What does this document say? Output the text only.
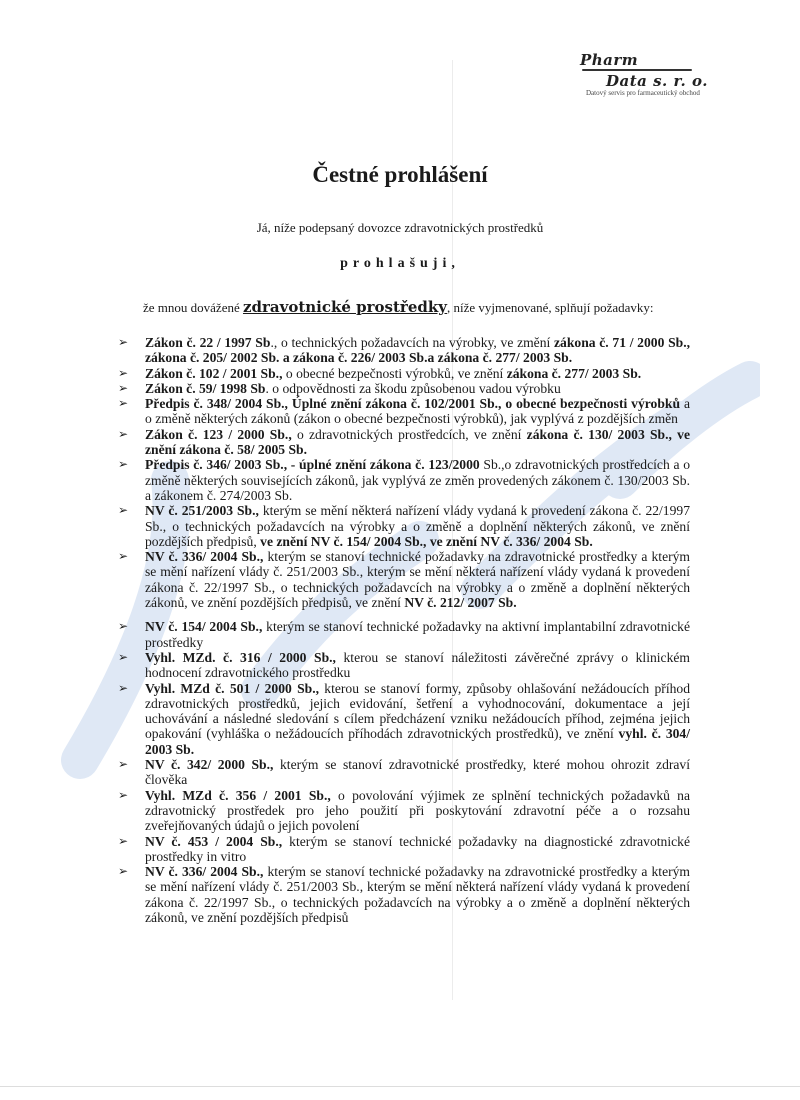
Pharm
Data s. r. o.
Datový servis pro farmaceutický obchod
Čestné prohlášení
Já, níže podepsaný dovozce zdravotnických prostředků
prohlašuji,
že mnou dovážené zdravotnické prostředky, níže vyjmenované, splňují požadavky:
➢ Zákon č. 22 / 1997 Sb., o technických požadavcích na výrobky, ve změní zákona č. 71 / 2000 Sb., zákona č. 205/ 2002 Sb. a zákona č. 226/ 2003 Sb.a zákona č. 277/ 2003 Sb.
➢ Zákon č. 102 / 2001 Sb., o obecné bezpečnosti výrobků, ve znění zákona č. 277/ 2003 Sb.
➢ Zákon č. 59/ 1998 Sb. o odpovědnosti za škodu způsobenou vadou výrobku
➢ Předpis č. 348/ 2004 Sb., Úplné znění zákona č. 102/2001 Sb., o obecné bezpečnosti výrobků a o změně některých zákonů (zákon o obecné bezpečnosti výrobků), jak vyplývá z pozdějších změn
➢ Zákon č. 123 / 2000 Sb., o zdravotnických prostředcích, ve znění zákona č. 130/ 2003 Sb., ve znění zákona č. 58/ 2005 Sb.
➢ Předpis č. 346/ 2003 Sb., - úplné znění zákona č. 123/2000 Sb.,o zdravotnických prostředcích a o změně některých souvisejících zákonů, jak vyplývá ze změn provedených zákonem č. 130/2003 Sb. a zákonem č. 274/2003 Sb.
➢ NV č. 251/2003 Sb., kterým se mění některá nařízení vlády vydaná k provedení zákona č. 22/1997 Sb., o technických požadavcích na výrobky a o změně a doplnění některých zákonů, ve znění pozdějších předpisů, ve znění NV č. 154/ 2004 Sb., ve znění NV č. 336/ 2004 Sb.
➢ NV č. 336/ 2004 Sb., kterým se stanoví technické požadavky na zdravotnické prostředky a kterým se mění nařízení vlády č. 251/2003 Sb., kterým se mění některá nařízení vlády vydaná k provedení zákona č. 22/1997 Sb., o technických požadavcích na výrobky a o změně a doplnění některých zákonů, ve znění pozdějších předpisů, ve znění NV č. 212/ 2007 Sb.
➢ NV č. 154/ 2004 Sb., kterým se stanoví technické požadavky na aktivní implantabilní zdravotnické prostředky
➢ Vyhl. MZd. č. 316 / 2000 Sb., kterou se stanoví náležitosti závěrečné zprávy o klinickém hodnocení zdravotnického prostředku
➢ Vyhl. MZd č. 501 / 2000 Sb., kterou se stanoví formy, způsoby ohlašování nežádoucích příhod zdravotnických prostředků, jejich evidování, šetření a vyhodnocování, dokumentace a její uchovávání a následné sledování s cílem předcházení vzniku nežádoucích příhod, zejména jejich opakování (vyhláška o nežádoucích příhodách zdravotnických prostředků), ve znění vyhl. č. 304/ 2003 Sb.
➢ NV č. 342/ 2000 Sb., kterým se stanoví zdravotnické prostředky, které mohou ohrozit zdraví člověka
➢ Vyhl. MZd č. 356 / 2001 Sb., o povolování výjimek ze splnění technických požadavků na zdravotnický prostředek pro jeho použití při poskytování zdravotní péče a o rozsahu zveřejňovaných údajů o jejich povolení
➢ NV č. 453 / 2004 Sb., kterým se stanoví technické požadavky na diagnostické zdravotnické prostředky in vitro
➢ NV č. 336/ 2004 Sb., kterým se stanoví technické požadavky na zdravotnické prostředky a kterým se mění nařízení vlády č. 251/2003 Sb., kterým se mění některá nařízení vlády vydaná k provedení zákona č. 22/1997 Sb., o technických požadavcích na výrobky a o změně a doplnění některých zákonů, ve znění pozdějších předpisů
